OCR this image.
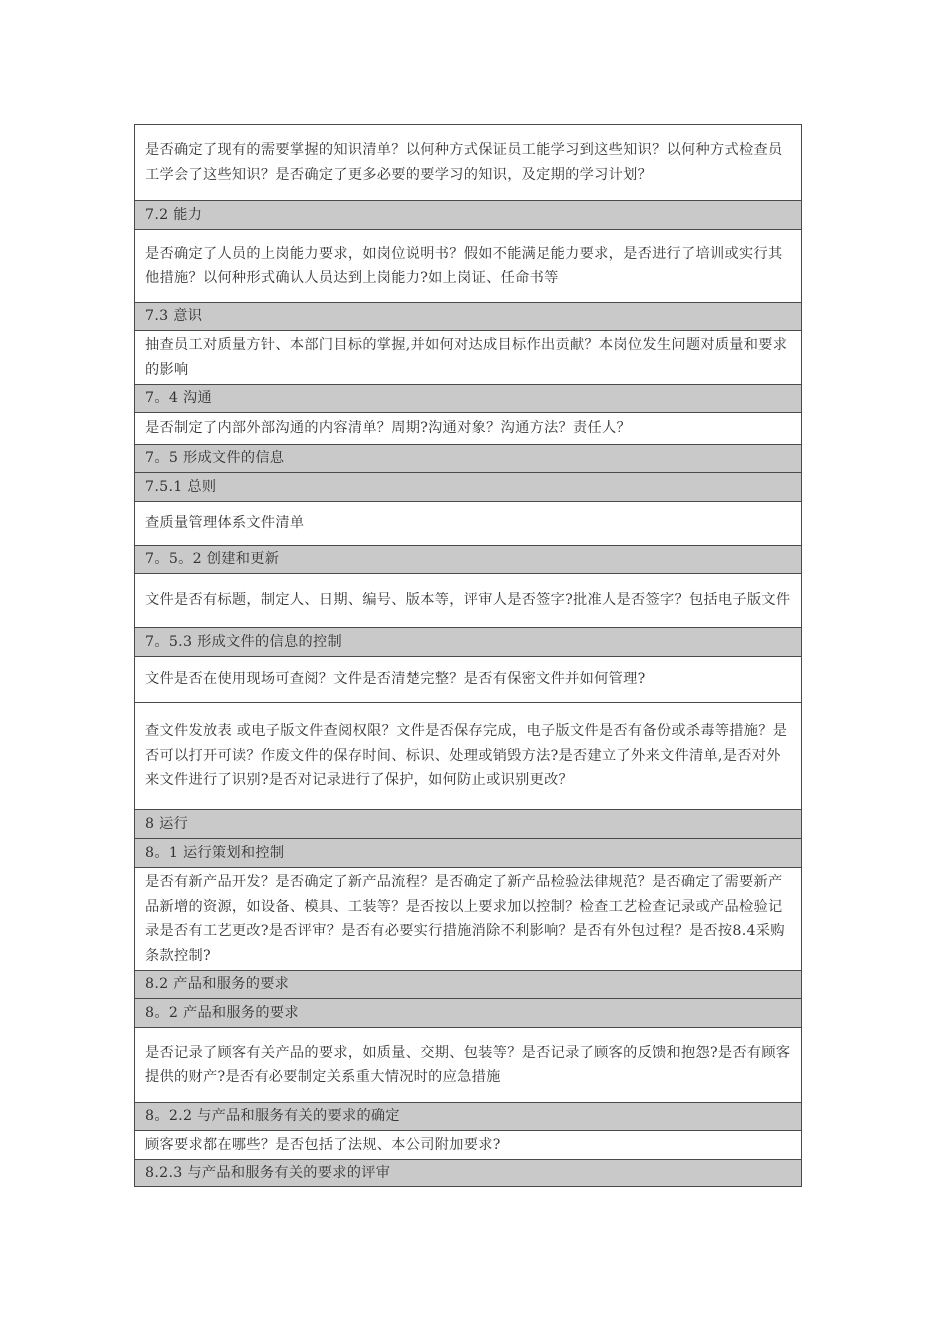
是否确定了现有的需要掌握的知识清单？以何种方式保证员工能学习到这些知识？以何种方式检查员工学会了这些知识？是否确定了更多必要的要学习的知识，及定期的学习计划？
7.2 能力
是否确定了人员的上岗能力要求，如岗位说明书？假如不能满足能力要求，是否进行了培训或实行其他措施？以何种形式确认人员达到上岗能力?如上岗证、任命书等
7.3 意识
抽查员工对质量方针、本部门目标的掌握,并如何对达成目标作出贡献？本岗位发生问题对质量和要求的影响
7。4 沟通
是否制定了内部外部沟通的内容清单？周期?沟通对象？沟通方法？责任人？
7。5 形成文件的信息
7.5.1 总则
查质量管理体系文件清单
7。5。2 创建和更新
文件是否有标题，制定人、日期、编号、版本等，评审人是否签字?批准人是否签字？包括电子版文件
7。5.3 形成文件的信息的控制
文件是否在使用现场可查阅？文件是否清楚完整？是否有保密文件并如何管理?
查文件发放表 或电子版文件查阅权限？文件是否保存完成，电子版文件是否有备份或杀毒等措施？是否可以打开可读？作废文件的保存时间、标识、处理或销毁方法?是否建立了外来文件清单,是否对外来文件进行了识别?是否对记录进行了保护，如何防止或识别更改？
8 运行
8。1 运行策划和控制
是否有新产品开发？是否确定了新产品流程？是否确定了新产品检验法律规范？是否确定了需要新产品新增的资源，如设备、模具、工装等？是否按以上要求加以控制？检查工艺检查记录或产品检验记录是否有工艺更改?是否评审？是否有必要实行措施消除不利影响？是否有外包过程？是否按8.4采购条款控制?
8.2 产品和服务的要求
8。2 产品和服务的要求
是否记录了顾客有关产品的要求，如质量、交期、包装等？是否记录了顾客的反馈和抱怨?是否有顾客提供的财产?是否有必要制定关系重大情况时的应急措施
8。2.2 与产品和服务有关的要求的确定
顾客要求都在哪些？是否包括了法规、本公司附加要求?
8.2.3 与产品和服务有关的要求的评审
